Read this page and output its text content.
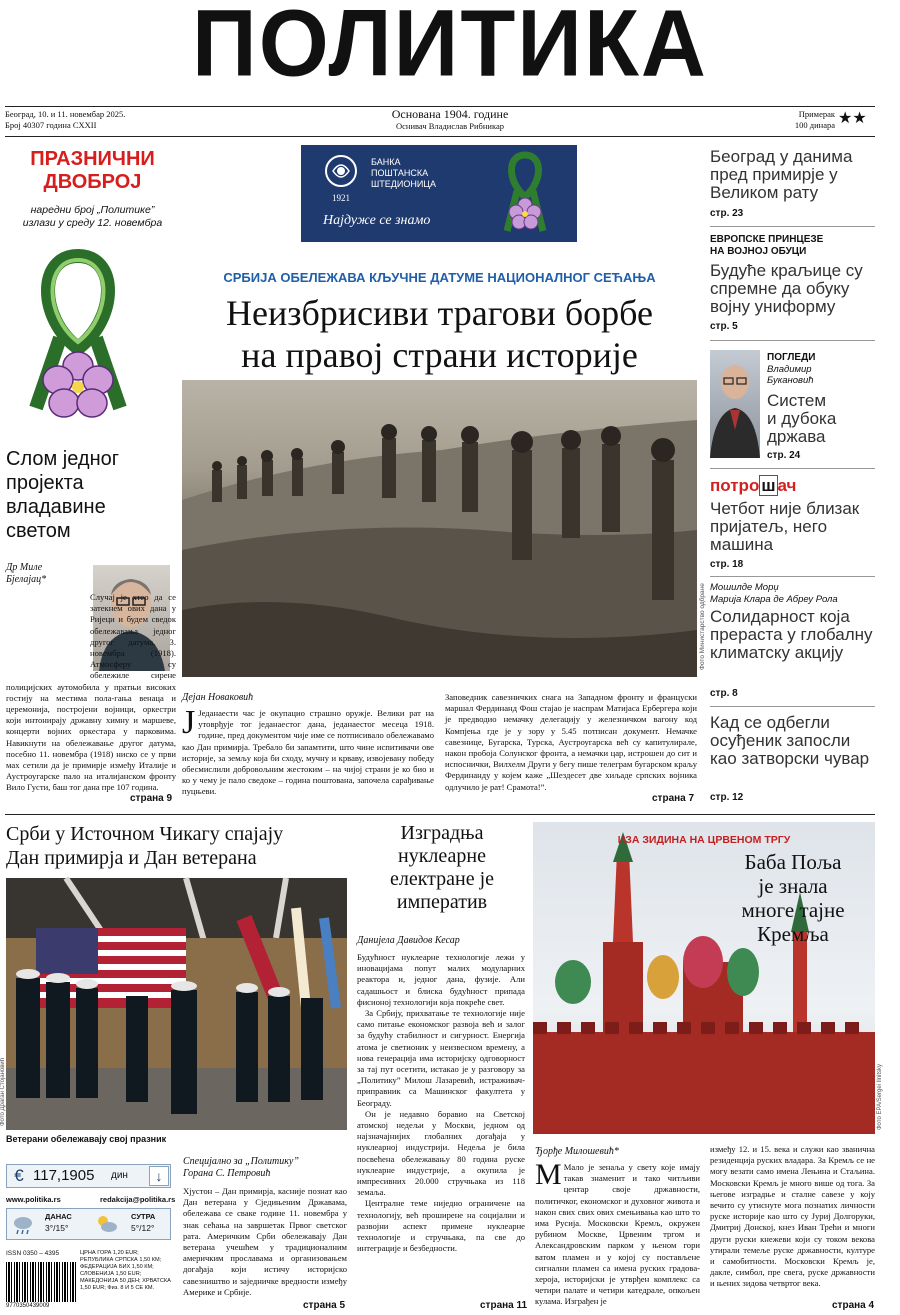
ПОЛИТИКА
Београд, 10. и 11. новембар 2025.
Број 40307 година CXXII
Основана 1904. године
Оснивач Владислав Рибникар
Примерак
100 динара ★★
ПРАЗНИЧНИ
ДВОБРОЈ
наредни број „Политике”
излази у среду 12. новембра
1921
БАНКА
ПОШТАНСКА
ШТЕДИОНИЦА
Најдуже се знамо
Слом једног
пројекта
владавине
светом
Др Миле
Бјелајац*
Случај је хтео да се затекнем ових дана у Ријеци и будем сведок обележавања једног другог датума, 3. новембра (1918). Атмосферу су обележиле сирене полицијских аутомобила у пратњи високих гостију на местима пола-гања венаца и церемонија, постројени војници, оркестри који интонирају државну химну и маршеве, концерти војних оркестара у парковима. Навикнути на обележавање другог датума, посебно 11. новембра (1918) ниско се у први мах сетили да је примирје између Италије и Аустроугарске пало на италијанском фронту Вило Густи, баш тог дана пре 107 година.
страна 9
СРБИЈА ОБЕЛЕЖАВА КЉУЧНЕ ДАТУМЕ НАЦИОНАЛНОГ СЕЋАЊА
Неизбрисиви трагови борбе
на правој страни историје
Фото Министарство одбране
Дејан Новаковић
Ј Једанаести час је окупацио страшно оружје. Велики рат на утоврђује тог једанаестог дана, једанаестог месеца 1918. године, пред документом чије име се потписивало обележавамо као Дан примирја. Требало би запамтити, што чине испитивачи ове историје, за земљу која би сходу, мучну и крваву, извојевану победу обесмислили добровољним жестоким – на чијој страни је ко био и ко у чему је пало сведоке – година поштована, започела сарађивање пуцњеви.
Заповедник савезничких снага на Западном фронту и француски маршал Фердинанд Фош стајао је наспрам Матијаса Ербергера који је предводио немачку делегацију у железничком вагону код Компјења где је у зору у 5.45 потписан документ. Немачке савезнице, Бугарска, Турска, Аустроугарска већ су капитулирале, након пробоја Солунског фронта, а немачки цар, истрошен до сит и испоснички, Вилхелм Други у бегу пише телеграм бугарском краљу Фердинанду у којем каже „Шездесет две хиљаде српских војника одлучило је рат! Срамота!”.
страна 7
Београд у данима пред примирје у Великом рату
стр. 23
ЕВРОПСКЕ ПРИНЦЕЗЕ
НА ВОЈНОЈ ОБУЦИ
Будуће краљице су спремне да обуку војну униформу
стр. 5
ПОГЛЕДИ
Владимир
Букановић
Систем
и дубока
држава
стр. 24
потро ш ач
Четбот није близак пријатељ, него машина
стр. 18
Мошилде Морџ
Марија Клара де Абреу Рола
Солидарност која прераста у глобалну климатску акцију
стр. 8
Кад се одбегли осуђеник запосли као затворски чувар
стр. 12
Срби у Источном Чикагу спајају
Дан примирја и Дан ветерана
Фото Драган Стојановић
Ветерани обележавају свој празник
Специјално за „Политику”
Горана С. Петровић
Хјустон – Дан примирја, касније познат као Дан ветерана у Сједињеним Државама, обележава се сваке године 11. новембра у знак сећања на завршетак Првог светског рата. Америчким Срби обележавају Дан ветерана учешћем у традиционалним америчким прославама и организовањем догађаја који истичу историјско савезништво и заједничке вредности између Америке и Србије.
страна 5
€ 117,1905 дин	↓
www.politika.rs	redakcija@politika.rs
ДАНАС
3°/15°
СУТРА
5°/12°
ISSN 0350 – 4395
9770350439009
ЦРНА ГОРА 1,20 EUR; РЕПУБЛИКА СРПСКА 1,50 КМ; ФЕДЕРАЦИЈА БИХ 1,50 КМ; СЛОВЕНИЈА 1,50 EUR; МАКЕДОНИЈА 50 ДЕН; ХРВАТСКА 1,50 EUR; Физ. 8 И 5 СЕ КМ.
Изградња
нуклеарне
електране је
императив
Данијела Давидов Кесар

Будућност нуклеарне технологије лежи у иновацијама попут малих модуларних реактора и, једног дана, фузије. Али садашњост и блиска будућност припада фисионој технологији која покреће свет.

За Србију, прихватање те технологије није само питање економског развоја већ и залог за будућу стабилност и сигурност. Енергија атома је светионик у неизвесном времену, а нова генерација има историјску одговорност за тај пут осетити, истакао је у разговору за „Политику” Милош Лазаревић, истраживач-приправник са Машинског факултета у Београду.

Он је недавно боравио на Светској атомској недељи у Москви, једном од најзначајнијих глобалних догађаја у нуклеарној индустрији. Недеља је била посвећена обележавању 80 година руске нуклеарне индустрије, а окупила је импресивних 20.000 стручњака из 118 земаља.

Централне теме ниједно ограничене на технологију, већ проширене на социјални и развојни аспект примене нуклеарне технологије и стручњака, па све до интеграције и безбедности.

страна 11
ИЗА ЗИДИНА НА ЦРВЕНОМ ТРГУ
Баба Поља
је знала
многе тајне
Кремља
Фото EPA/Sergei Ilnitsky
Ђорђе Милошевић*
М Мало је зенаља у свету које имају такав знаменит и тако читљиви центар своје државности, политичког, економског и духовног живота и након свих свих ових смењивања као што то има Русија. Московски Кремљ, окружен рубином Москве, Црвеним тргом и Александровским парком у њеном гори ватом пламен и у којој су постављене сигнални пламен са имена руских градова-хероја, историјски је утврђен комплекс са четири палате и четири катедрале, опкољен кулама. Изграђен је
између 12. и 15. века и служи као званична резиденција руских владара. За Кремљ се не могу везати само имена Лењина и Стаљина. Московски Кремљ је много више од тога. За његове изградње и сталне савезе у коју вечито су утиснуте мога познатих личности руске историје као што су Јуриј Долгоруки, Дмитриј Донској, кнез Иван Трећи и многи други руски кнежеви који су током векова утирали темеље руске државности, културе и самобитности. Московски Кремљ је, дакле, симбол, пре свега, руске државности и њених зидова четвртог века.
страна 4
